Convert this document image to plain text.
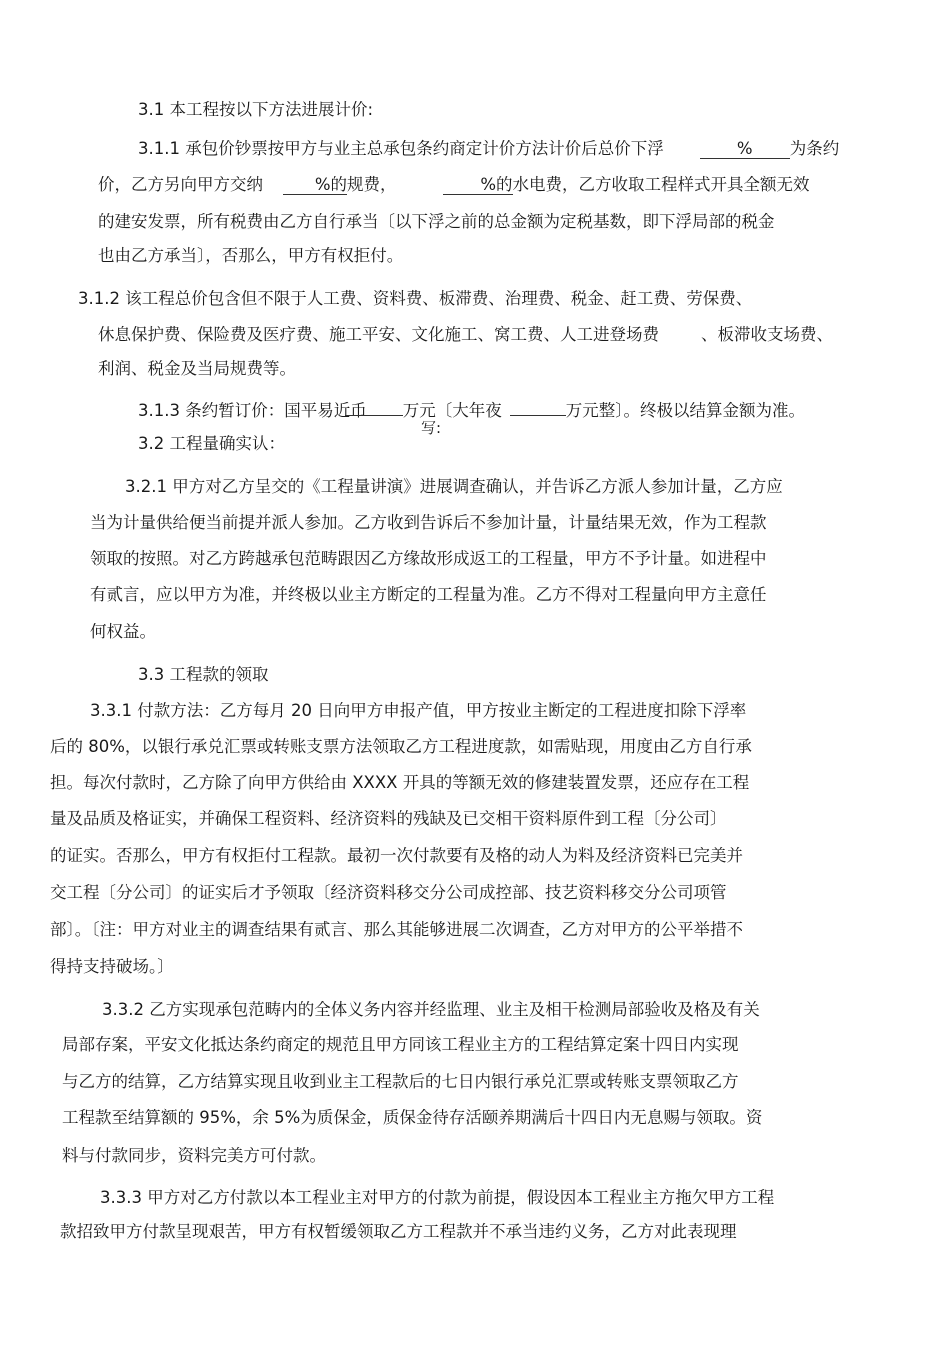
3.1 本工程按以下方法进展计价:
3.1.1 承包价钞票按甲方与业主总承包条约商定计价方法计价后总价下浮	% 为条约
价，乙方另向甲方交纳	%的规费，	%的水电费，乙方收取工程样式开具全额无效
的建安发票，所有税费由乙方自行承当〔以下浮之前的总金额为定税基数，即下浮局部的税金
也由乙方承当〕，否那么，甲方有权拒付。
3.1.2 该工程总价包含但不限于人工费、资料费、板滞费、治理费、税金、赶工费、劳保费、
休息保护费、保险费及医疗费、施工平安、文化施工、窝工费、人工进登场费	、板滞收支场费、
利润、税金及当局规费等。
3.1.3 条约暂订价：国平易近币 万元〔大年夜	万元整〕。终极以结算金额为准。
写:
3.2 工程量确实认：
3.2.1 甲方对乙方呈交的《工程量讲演》进展调查确认，并告诉乙方派人参加计量，乙方应
当为计量供给便当前提并派人参加。乙方收到告诉后不参加计量，计量结果无效，作为工程款
领取的按照。对乙方跨越承包范畴跟因乙方缘故形成返工的工程量，甲方不予计量。如进程中
有贰言，应以甲方为准，并终极以业主方断定的工程量为准。乙方不得对工程量向甲方主意任
何权益。
3.3 工程款的领取
3.3.1 付款方法：乙方每月 20 日向甲方申报产值，甲方按业主断定的工程进度扣除下浮率
后的 80%，以银行承兑汇票或转账支票方法领取乙方工程进度款，如需贴现，用度由乙方自行承
担。每次付款时，乙方除了向甲方供给由 XXXX 开具的等额无效的修建装置发票，还应存在工程
量及品质及格证实，并确保工程资料、经济资料的残缺及已交相干资料原件到工程〔分公司〕
的证实。否那么，甲方有权拒付工程款。最初一次付款要有及格的动人为料及经济资料已完美并
交工程〔分公司〕的证实后才予领取〔经济资料移交分公司成控部、技艺资料移交分公司项管
部〕。〔注：甲方对业主的调查结果有贰言、那么其能够进展二次调查，乙方对甲方的公平举措不
得持支持破场。〕
3.3.2 乙方实现承包范畴内的全体义务内容并经监理、业主及相干检测局部验收及格及有关
局部存案，平安文化抵达条约商定的规范且甲方同该工程业主方的工程结算定案十四日内实现
与乙方的结算，乙方结算实现且收到业主工程款后的七日内银行承兑汇票或转账支票领取乙方
工程款至结算额的 95%，余 5%为质保金，质保金待存活颐养期满后十四日内无息赐与领取。资
料与付款同步，资料完美方可付款。
3.3.3 甲方对乙方付款以本工程业主对甲方的付款为前提，假设因本工程业主方拖欠甲方工程
款招致甲方付款呈现艰苦，甲方有权暂缓领取乙方工程款并不承当违约义务，乙方对此表现理
